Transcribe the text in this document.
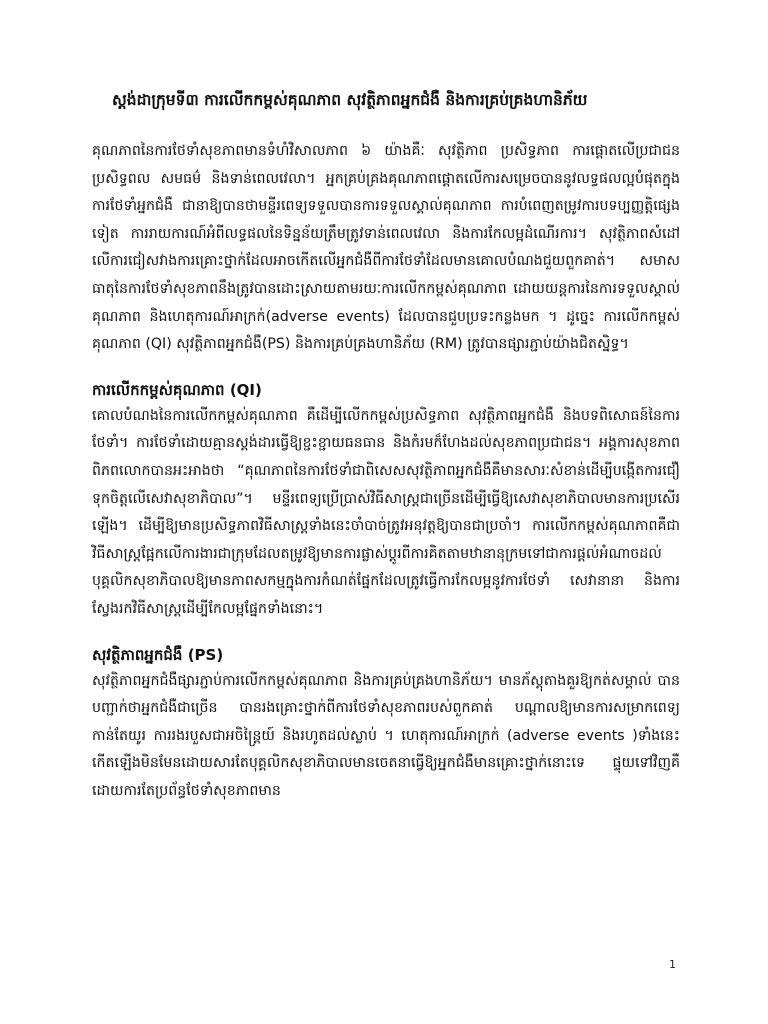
ស្តង់ដាក្រុមទី៣ ការលើកកម្ពស់គុណភាព សុវត្ថិភាពអ្នកជំងឺ និងការគ្រប់គ្រងហានិភ័យ

គុណភាពនៃការថែទាំសុខភាពមានទំហំវិសាលភាព ៦ យ៉ាងគឺៈ សុវត្ថិភាព ប្រសិទ្ធភាព ការផ្តោតលើប្រជាជន ប្រសិទ្ធពល សមធម៌ និងទាន់ពេលវេលា។ អ្នកគ្រប់គ្រងគុណភាពផ្តោតលើការសម្រេចបាននូវលទ្ធផលល្អបំផុតក្នុងការថែទាំអ្នកជំងឺ ជានាឱ្យបានថាមន្ទីរពេទ្យទទួលបានការទទួលស្គាល់គុណភាព ការបំពេញតម្រូវការបទប្បញ្ញត្តិផ្សេងទៀត ការរាយការណ៍អំពីលទ្ធផលនៃទិន្នន័យត្រឹមត្រូវទាន់ពេលវេលា និងការកែលម្អដំណើរការ។ សុវត្ថិភាពសំដៅលើការជៀសវាងការគ្រោះថ្នាក់ដែលអាចកើតលើអ្នកជំងឺពីការថែទាំដែលមានគោលបំណងជួយពួកគាត់។ សមាសធាតុនៃការថែទាំសុខភាពនឹងត្រូវបានដោះស្រាយតាមរយៈការលើកកម្ពស់គុណភាព ដោយយន្តការនៃការទទួលស្គាល់គុណភាព និងហេតុការណ៍អាក្រក់(adverse events) ដែលបានជួបប្រទះកន្លងមក ។ ដូច្នេះ ការលើកកម្ពស់គុណភាព (QI) សុវត្ថិភាពអ្នកជំងឺ(PS) និងការគ្រប់គ្រងហានិភ័យ (RM) ត្រូវបានផ្សារភ្ជាប់យ៉ាងជិតស្និទ្ធ។

ការលើកកម្ពស់គុណភាព (QI)

គោលបំណងនៃការលើកកម្ពស់គុណភាព គឺដើម្បីលើកកម្ពស់ប្រសិទ្ធភាព សុវត្ថិភាពអ្នកជំងឺ និងបទពិសោធន៍នៃការថែទាំ។ ការថែទាំដោយគ្មានស្តង់ដារធ្វើឱ្យខ្ជះខ្ជាយធនធាន និងកំរមក៏ហែងដល់សុខភាពប្រជាជន។ អង្គការសុខភាពពិភពលោកបានអះអាងថា “គុណភាពនៃការថែទាំជាពិសេសសុវត្ថិភាពអ្នកជំងឺគឺមានសារៈសំខាន់ដើម្បីបង្កើតការជឿទុកចិត្តលើសេវាសុខាភិបាល”។ មន្ទីរពេទ្យប្រើប្រាស់វិធីសាស្ត្រជាច្រើនដើម្បីធ្វើឱ្យសេវាសុខាភិបាលមានការប្រសើរឡើង។ ដើម្បីឱ្យមានប្រសិទ្ធភាពវិធីសាស្ត្រទាំងនេះចាំបាច់ត្រូវអនុវត្តឱ្យបានជាប្រចាំ។ ការលើកកម្ពស់គុណភាពគឺជាវិធីសាស្ត្រផ្អែកលើការងារជាក្រុមដែលតម្រូវឱ្យមានការផ្លាស់ប្តូរពីការគិតតាមឋានានុក្រមទៅជាការផ្តល់អំណាចដល់បុគ្គលិកសុខាភិបាលឱ្យមានភាពសកម្មក្នុងការកំណត់ផ្នែកដែលត្រូវធ្វើការកែលម្អនូវការថែទាំ សេវានានា និងការស្វែងរកវិធីសាស្ត្រដើម្បីកែលម្អផ្នែកទាំងនោះ។

សុវត្ថិភាពអ្នកជំងឺ (PS)

សុវត្ថិភាពអ្នកជំងឺផ្សារភ្ជាប់ការលើកកម្ពស់គុណភាព និងការគ្រប់គ្រងហានិភ័យ។ មានភ័ស្តុតាងគួរឱ្យកត់សម្គាល់ បានបញ្ជាក់ថាអ្នកជំងឺជាច្រើន បានរងគ្រោះថ្នាក់ពីការថែទាំសុខភាពរបស់ពួកគាត់ បណ្តាលឱ្យមានការសម្រាកពេទ្យកាន់តែយូរ ការរងរបួសជាអចិន្ត្រៃយ៍ និងរហូតដល់ស្លាប់ ។ ហេតុការណ៍អាក្រក់ (adverse events )ទាំងនេះកើតឡើងមិនមែនដោយសារតែបុគ្គលិកសុខាភិបាលមានចេតនាធ្វើឱ្យអ្នកជំងឺមានគ្រោះថ្នាក់នោះទេ ផ្ទុយទៅវិញគឺដោយការតែប្រព័ន្ធថែទាំសុខភាពមាន

1
